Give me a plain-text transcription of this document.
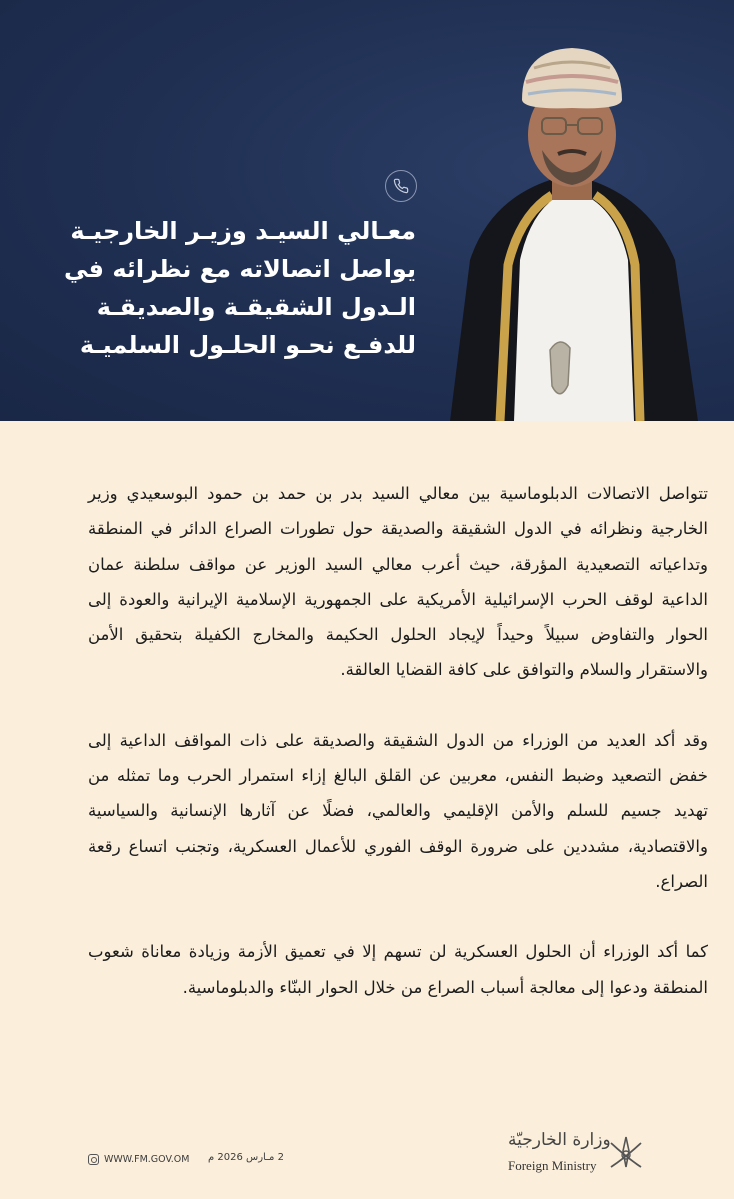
معـالي السيـد وزيـر الخارجيـة
يواصل اتصالاته مع نظرائه في
الـدول الشقيقـة والصديقـة
للدفـع نحـو الحلـول السلميـة

تتواصل الاتصالات الدبلوماسية بين معالي السيد بدر بن حمد بن حمود البوسعيدي وزير الخارجية ونظرائه في الدول الشقيقة والصديقة حول تطورات الصراع الدائر في المنطقة وتداعياته التصعيدية المؤرقة، حيث أعرب معالي السيد الوزير عن مواقف سلطنة عمان الداعية لوقف الحرب الإسرائيلية الأمريكية على الجمهورية الإسلامية الإيرانية والعودة إلى الحوار والتفاوض سبيلاً وحيداً لإيجاد الحلول الحكيمة والمخارج الكفيلة بتحقيق الأمن والاستقرار والسلام والتوافق على كافة القضايا العالقة.

وقد أكد العديد من الوزراء من الدول الشقيقة والصديقة على ذات المواقف الداعية إلى خفض التصعيد وضبط النفس، معربين عن القلق البالغ إزاء استمرار الحرب وما تمثله من تهديد جسيم للسلم والأمن الإقليمي والعالمي، فضلًا عن آثارها الإنسانية والسياسية والاقتصادية، مشددين على ضرورة الوقف الفوري للأعمال العسكرية، وتجنب اتساع رقعة الصراع.

كما أكد الوزراء أن الحلول العسكرية لن تسهم إلا في تعميق الأزمة وزيادة معاناة شعوب المنطقة ودعوا إلى معالجة أسباب الصراع من خلال الحوار البنّاء والدبلوماسية.

WWW.FM.GOV.OM 2 مـارس 2026 م
وزارة الخارجيّة
Foreign Ministry
